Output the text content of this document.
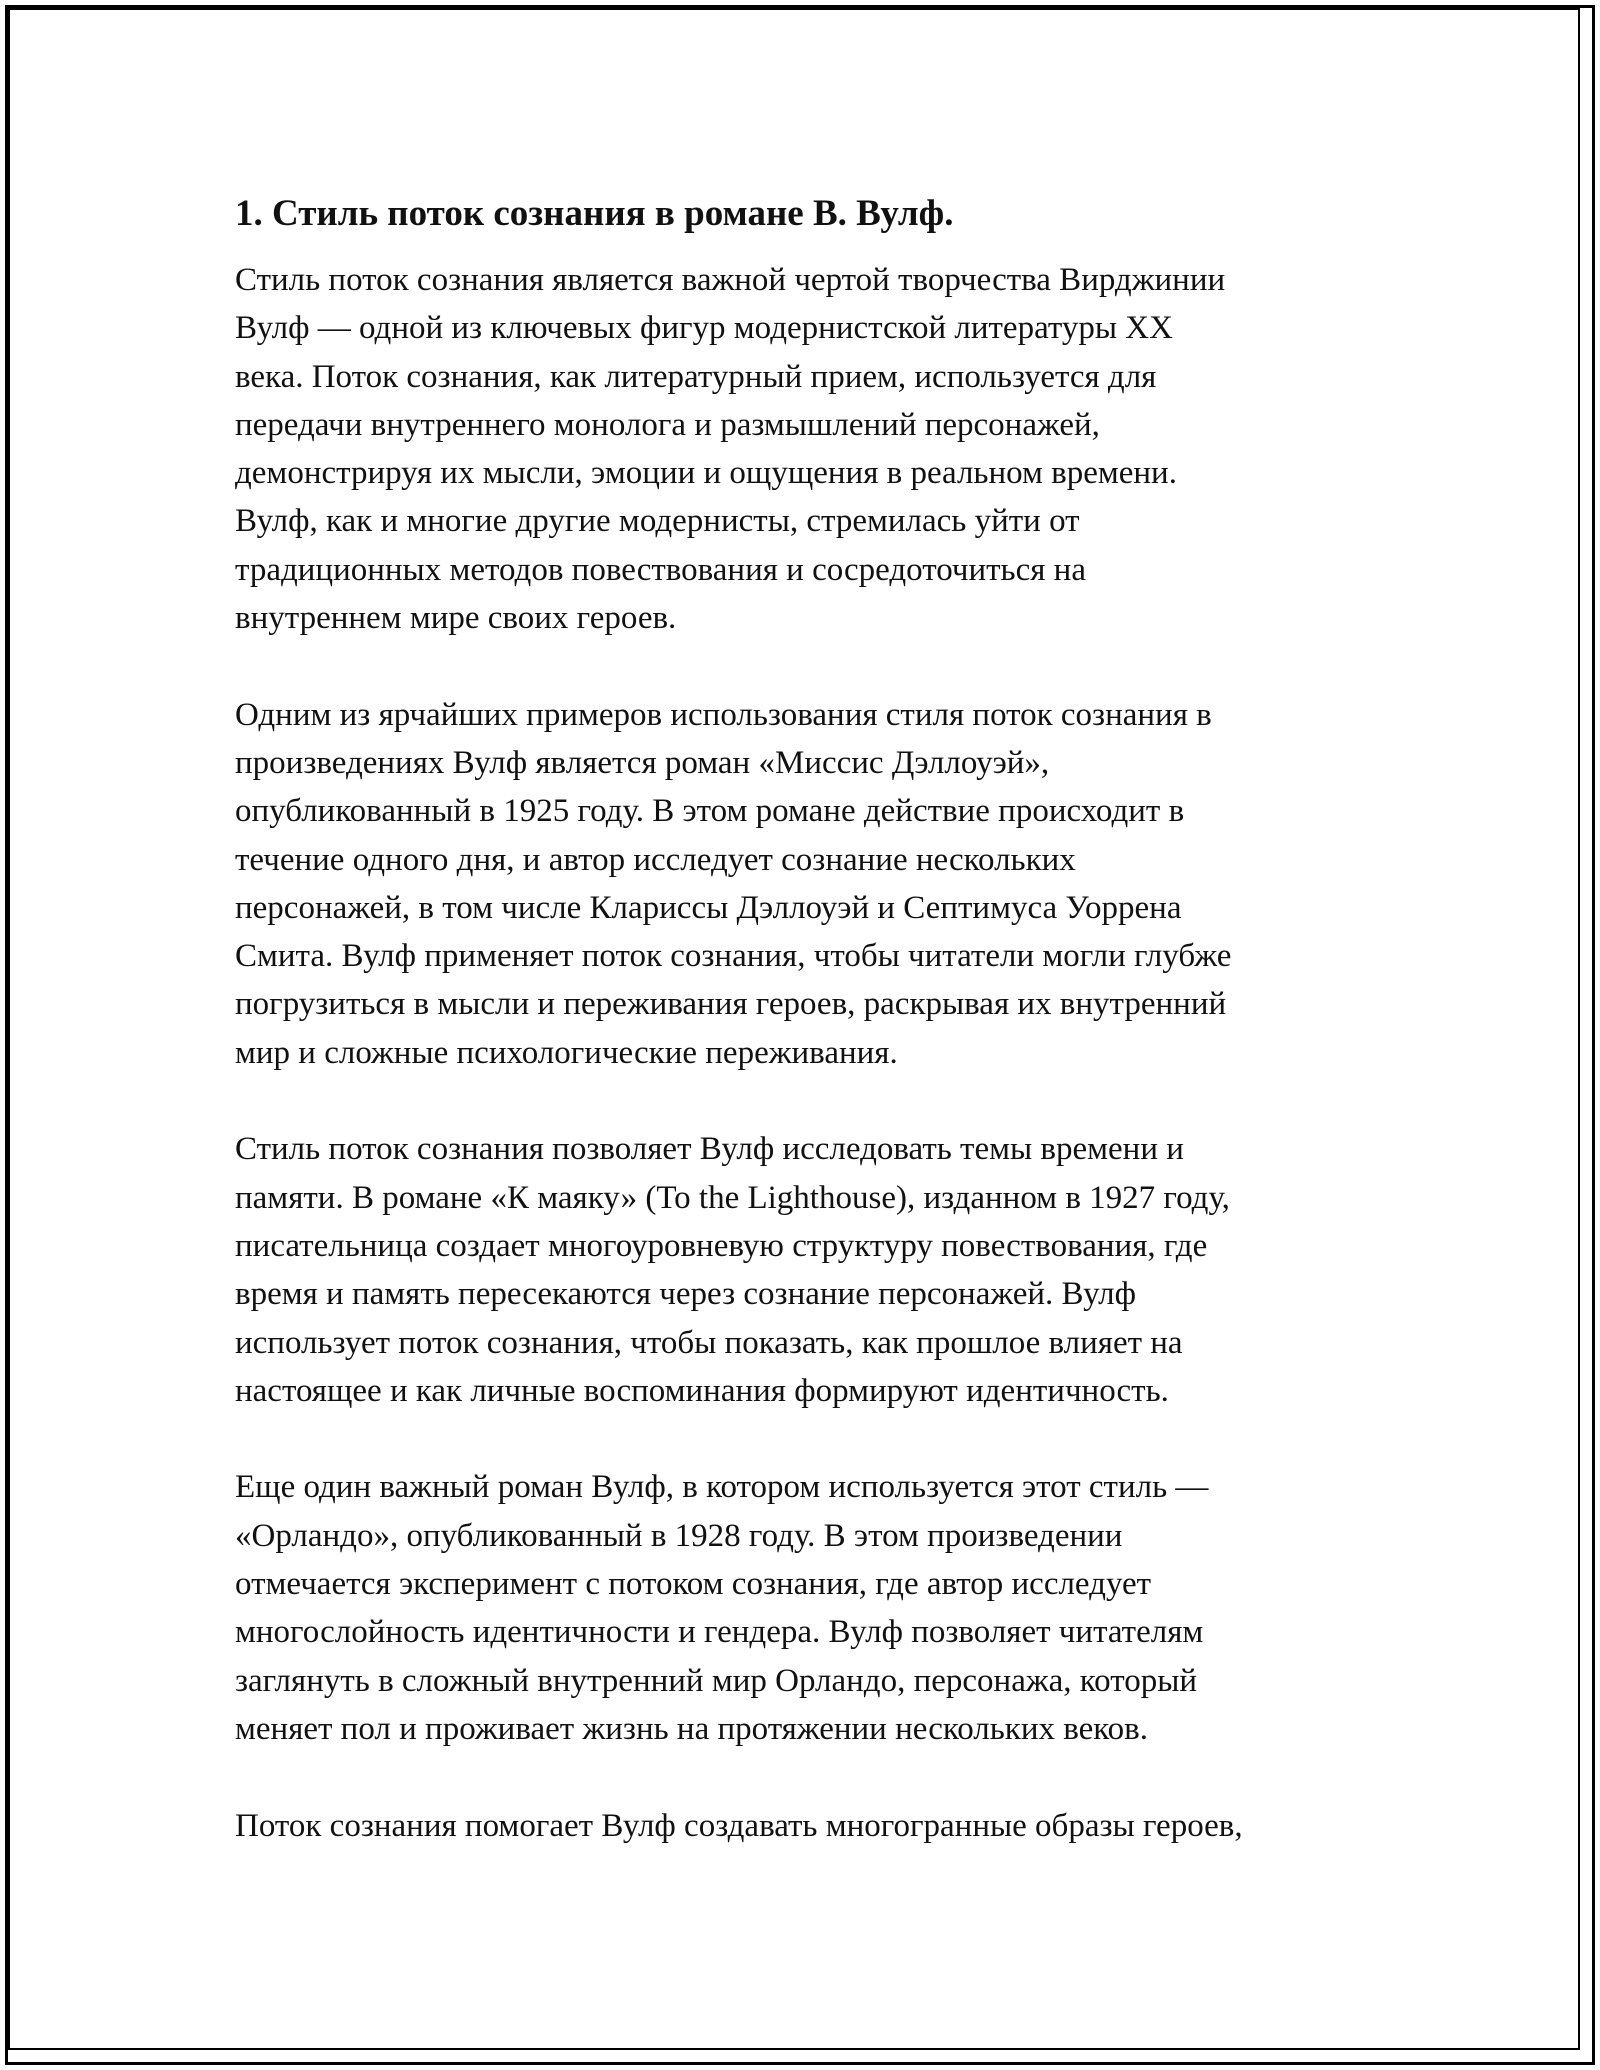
1. Стиль поток сознания в романе В. Вулф.
Стиль поток сознания является важной чертой творчества Вирджинии
Вулф — одной из ключевых фигур модернистской литературы XX
века. Поток сознания, как литературный прием, используется для
передачи внутреннего монолога и размышлений персонажей,
демонстрируя их мысли, эмоции и ощущения в реальном времени.
Вулф, как и многие другие модернисты, стремилась уйти от
традиционных методов повествования и сосредоточиться на
внутреннем мире своих героев.
Одним из ярчайших примеров использования стиля поток сознания в
произведениях Вулф является роман «Миссис Дэллоуэй»,
опубликованный в 1925 году. В этом романе действие происходит в
течение одного дня, и автор исследует сознание нескольких
персонажей, в том числе Клариссы Дэллоуэй и Септимуса Уоррена
Смита. Вулф применяет поток сознания, чтобы читатели могли глубже
погрузиться в мысли и переживания героев, раскрывая их внутренний
мир и сложные психологические переживания.
Стиль поток сознания позволяет Вулф исследовать темы времени и
памяти. В романе «К маяку» (To the Lighthouse), изданном в 1927 году,
писательница создает многоуровневую структуру повествования, где
время и память пересекаются через сознание персонажей. Вулф
использует поток сознания, чтобы показать, как прошлое влияет на
настоящее и как личные воспоминания формируют идентичность.
Еще один важный роман Вулф, в котором используется этот стиль —
«Орландо», опубликованный в 1928 году. В этом произведении
отмечается эксперимент с потоком сознания, где автор исследует
многослойность идентичности и гендера. Вулф позволяет читателям
заглянуть в сложный внутренний мир Орландо, персонажа, который
меняет пол и проживает жизнь на протяжении нескольких веков.
Поток сознания помогает Вулф создавать многогранные образы героев,
